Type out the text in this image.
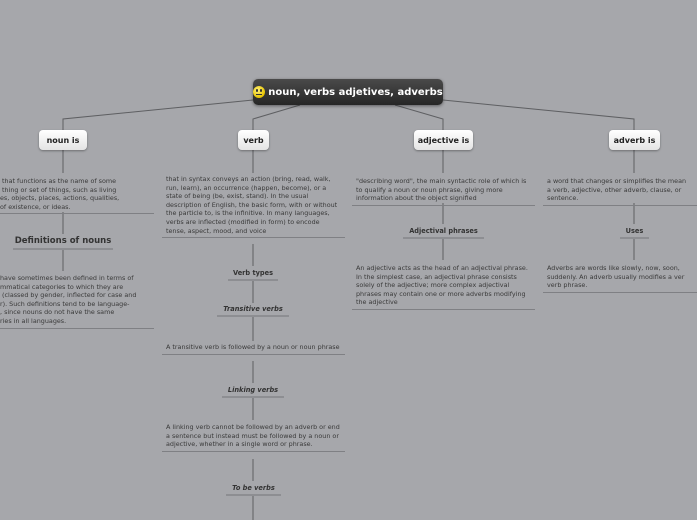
noun, verbs adjetives, adverbs
noun is
that functions as the name of some
thing or set of things, such as living
es, objects, places, actions, qualities,
of existence, or ideas.
Definitions of nouns
have sometimes been defined in terms of
mmatical categories to which they are
(classed by gender, inflected for case and
r). Such definitions tend to be language-
, since nouns do not have the same
ries in all languages.
verb
that in syntax conveys an action (bring, read, walk, run, learn), an occurrence (happen, become), or a state of being (be, exist, stand). In the usual description of English, the basic form, with or without the particle to, is the infinitive. In many languages, verbs are inflected (modified in form) to encode tense, aspect, mood, and voice
Verb types
Transitive verbs
A transitive verb is followed by a noun or noun phrase
Linking verbs
A linking verb cannot be followed by an adverb or end a sentence but instead must be followed by a noun or adjective, whether in a single word or phrase.
To be verbs
adjective is
"describing word", the main syntactic role of which is to qualify a noun or noun phrase, giving more information about the object signified
Adjectival phrases
An adjective acts as the head of an adjectival phrase. In the simplest case, an adjectival phrase consists solely of the adjective; more complex adjectival phrases may contain one or more adverbs modifying the adjective
adverb is
a word that changes or simplifies the mean
a verb, adjective, other adverb, clause, or
sentence.
Uses
Adverbs are words like slowly, now, soon,
suddenly. An adverb usually modifies a ver
verb phrase.
